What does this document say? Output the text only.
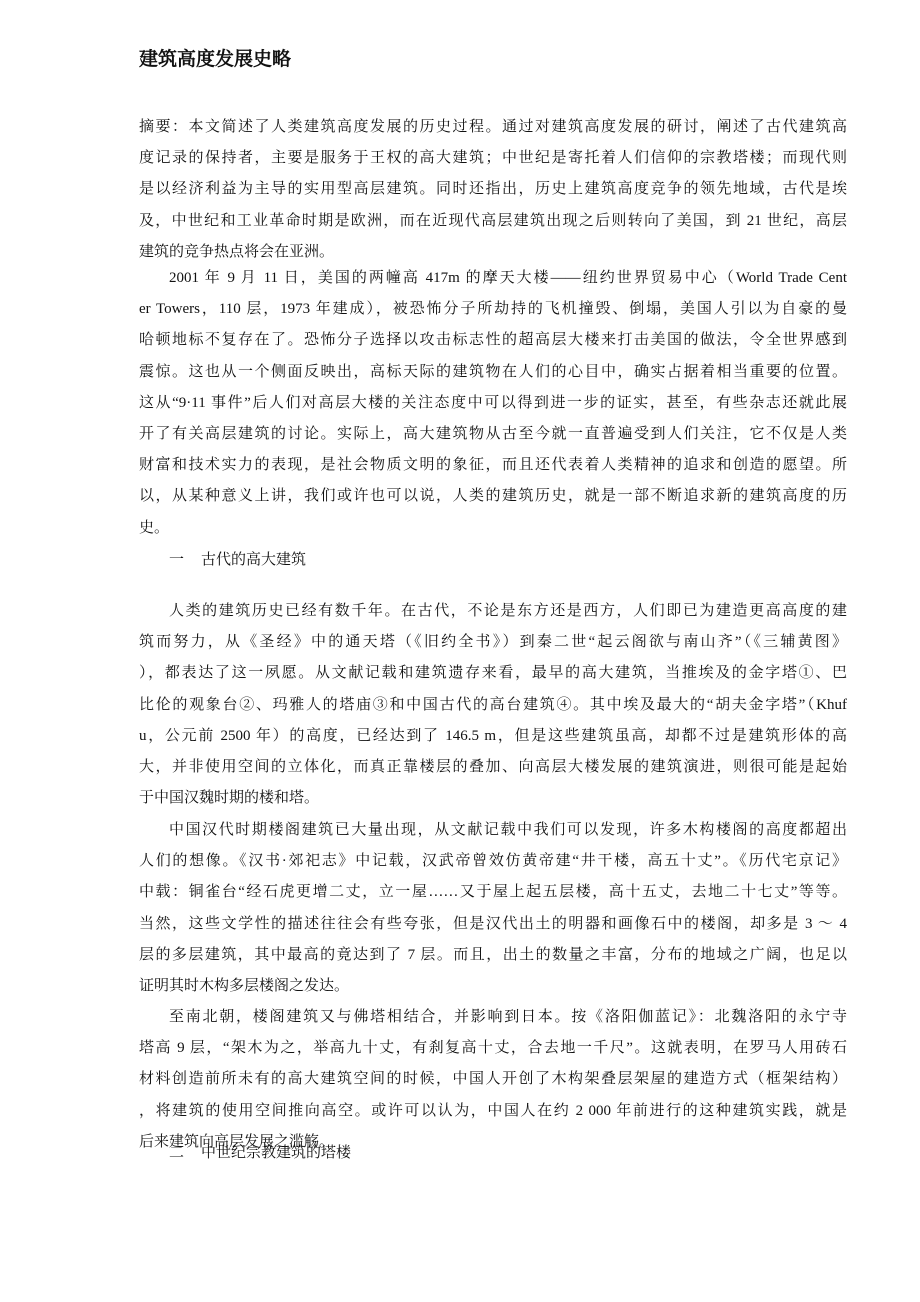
建筑高度发展史略
摘要：本文简述了人类建筑高度发展的历史过程。通过对建筑高度发展的研讨，阐述了古代建筑高
度记录的保持者，主要是服务于王权的高大建筑；中世纪是寄托着人们信仰的宗教塔楼；而现代则
是以经济利益为主导的实用型高层建筑。同时还指出，历史上建筑高度竞争的领先地域，古代是埃
及，中世纪和工业革命时期是欧洲，而在近现代高层建筑出现之后则转向了美国，到 21 世纪，高层
建筑的竞争热点将会在亚洲。
2001 年 9 月 11 日，美国的两幢高 417m 的摩天大楼——纽约世界贸易中心（World Trade Cent
er Towers，110 层，1973 年建成），被恐怖分子所劫持的飞机撞毁、倒塌，美国人引以为自豪的曼
哈顿地标不复存在了。恐怖分子选择以攻击标志性的超高层大楼来打击美国的做法，令全世界感到
震惊。这也从一个侧面反映出，高标天际的建筑物在人们的心目中，确实占据着相当重要的位置。
这从“9·11 事件”后人们对高层大楼的关注态度中可以得到进一步的证实，甚至，有些杂志还就此展
开了有关高层建筑的讨论。实际上，高大建筑物从古至今就一直普遍受到人们关注，它不仅是人类
财富和技术实力的表现，是社会物质文明的象征，而且还代表着人类精神的追求和创造的愿望。所
以，从某种意义上讲，我们或许也可以说，人类的建筑历史，就是一部不断追求新的建筑高度的历
史。
一 古代的高大建筑
人类的建筑历史已经有数千年。在古代，不论是东方还是西方，人们即已为建造更高高度的建
筑而努力，从《圣经》中的通天塔（《旧约全书》）到秦二世“起云阁欲与南山齐”（《三辅黄图》
），都表达了这一夙愿。从文献记载和建筑遗存来看，最早的高大建筑，当推埃及的金字塔①、巴
比伦的观象台②、玛雅人的塔庙③和中国古代的高台建筑④。其中埃及最大的“胡夫金字塔”（Khuf
u，公元前 2500 年）的高度，已经达到了 146.5 m，但是这些建筑虽高，却都不过是建筑形体的高
大，并非使用空间的立体化，而真正靠楼层的叠加、向高层大楼发展的建筑演进，则很可能是起始
于中国汉魏时期的楼和塔。
中国汉代时期楼阁建筑已大量出现，从文献记载中我们可以发现，许多木构楼阁的高度都超出
人们的想像。《汉书·郊祀志》中记载，汉武帝曾效仿黄帝建“井干楼，高五十丈”。《历代宅京记》
中载：铜雀台“经石虎更增二丈，立一屋……又于屋上起五层楼，高十五丈，去地二十七丈”等等。
当然，这些文学性的描述往往会有些夸张，但是汉代出土的明器和画像石中的楼阁，却多是 3 ～ 4
层的多层建筑，其中最高的竟达到了 7 层。而且，出土的数量之丰富，分布的地域之广阔，也足以
证明其时木构多层楼阁之发达。
至南北朝，楼阁建筑又与佛塔相结合，并影响到日本。按《洛阳伽蓝记》：北魏洛阳的永宁寺
塔高 9 层，“架木为之，举高九十丈，有刹复高十丈，合去地一千尺”。这就表明，在罗马人用砖石
材料创造前所未有的高大建筑空间的时候，中国人开创了木构架叠层架屋的建造方式（框架结构）
，将建筑的使用空间推向高空。或许可以认为，中国人在约 2 000 年前进行的这种建筑实践，就是
后来建筑向高层发展之滥觞。
二 中世纪宗教建筑的塔楼
